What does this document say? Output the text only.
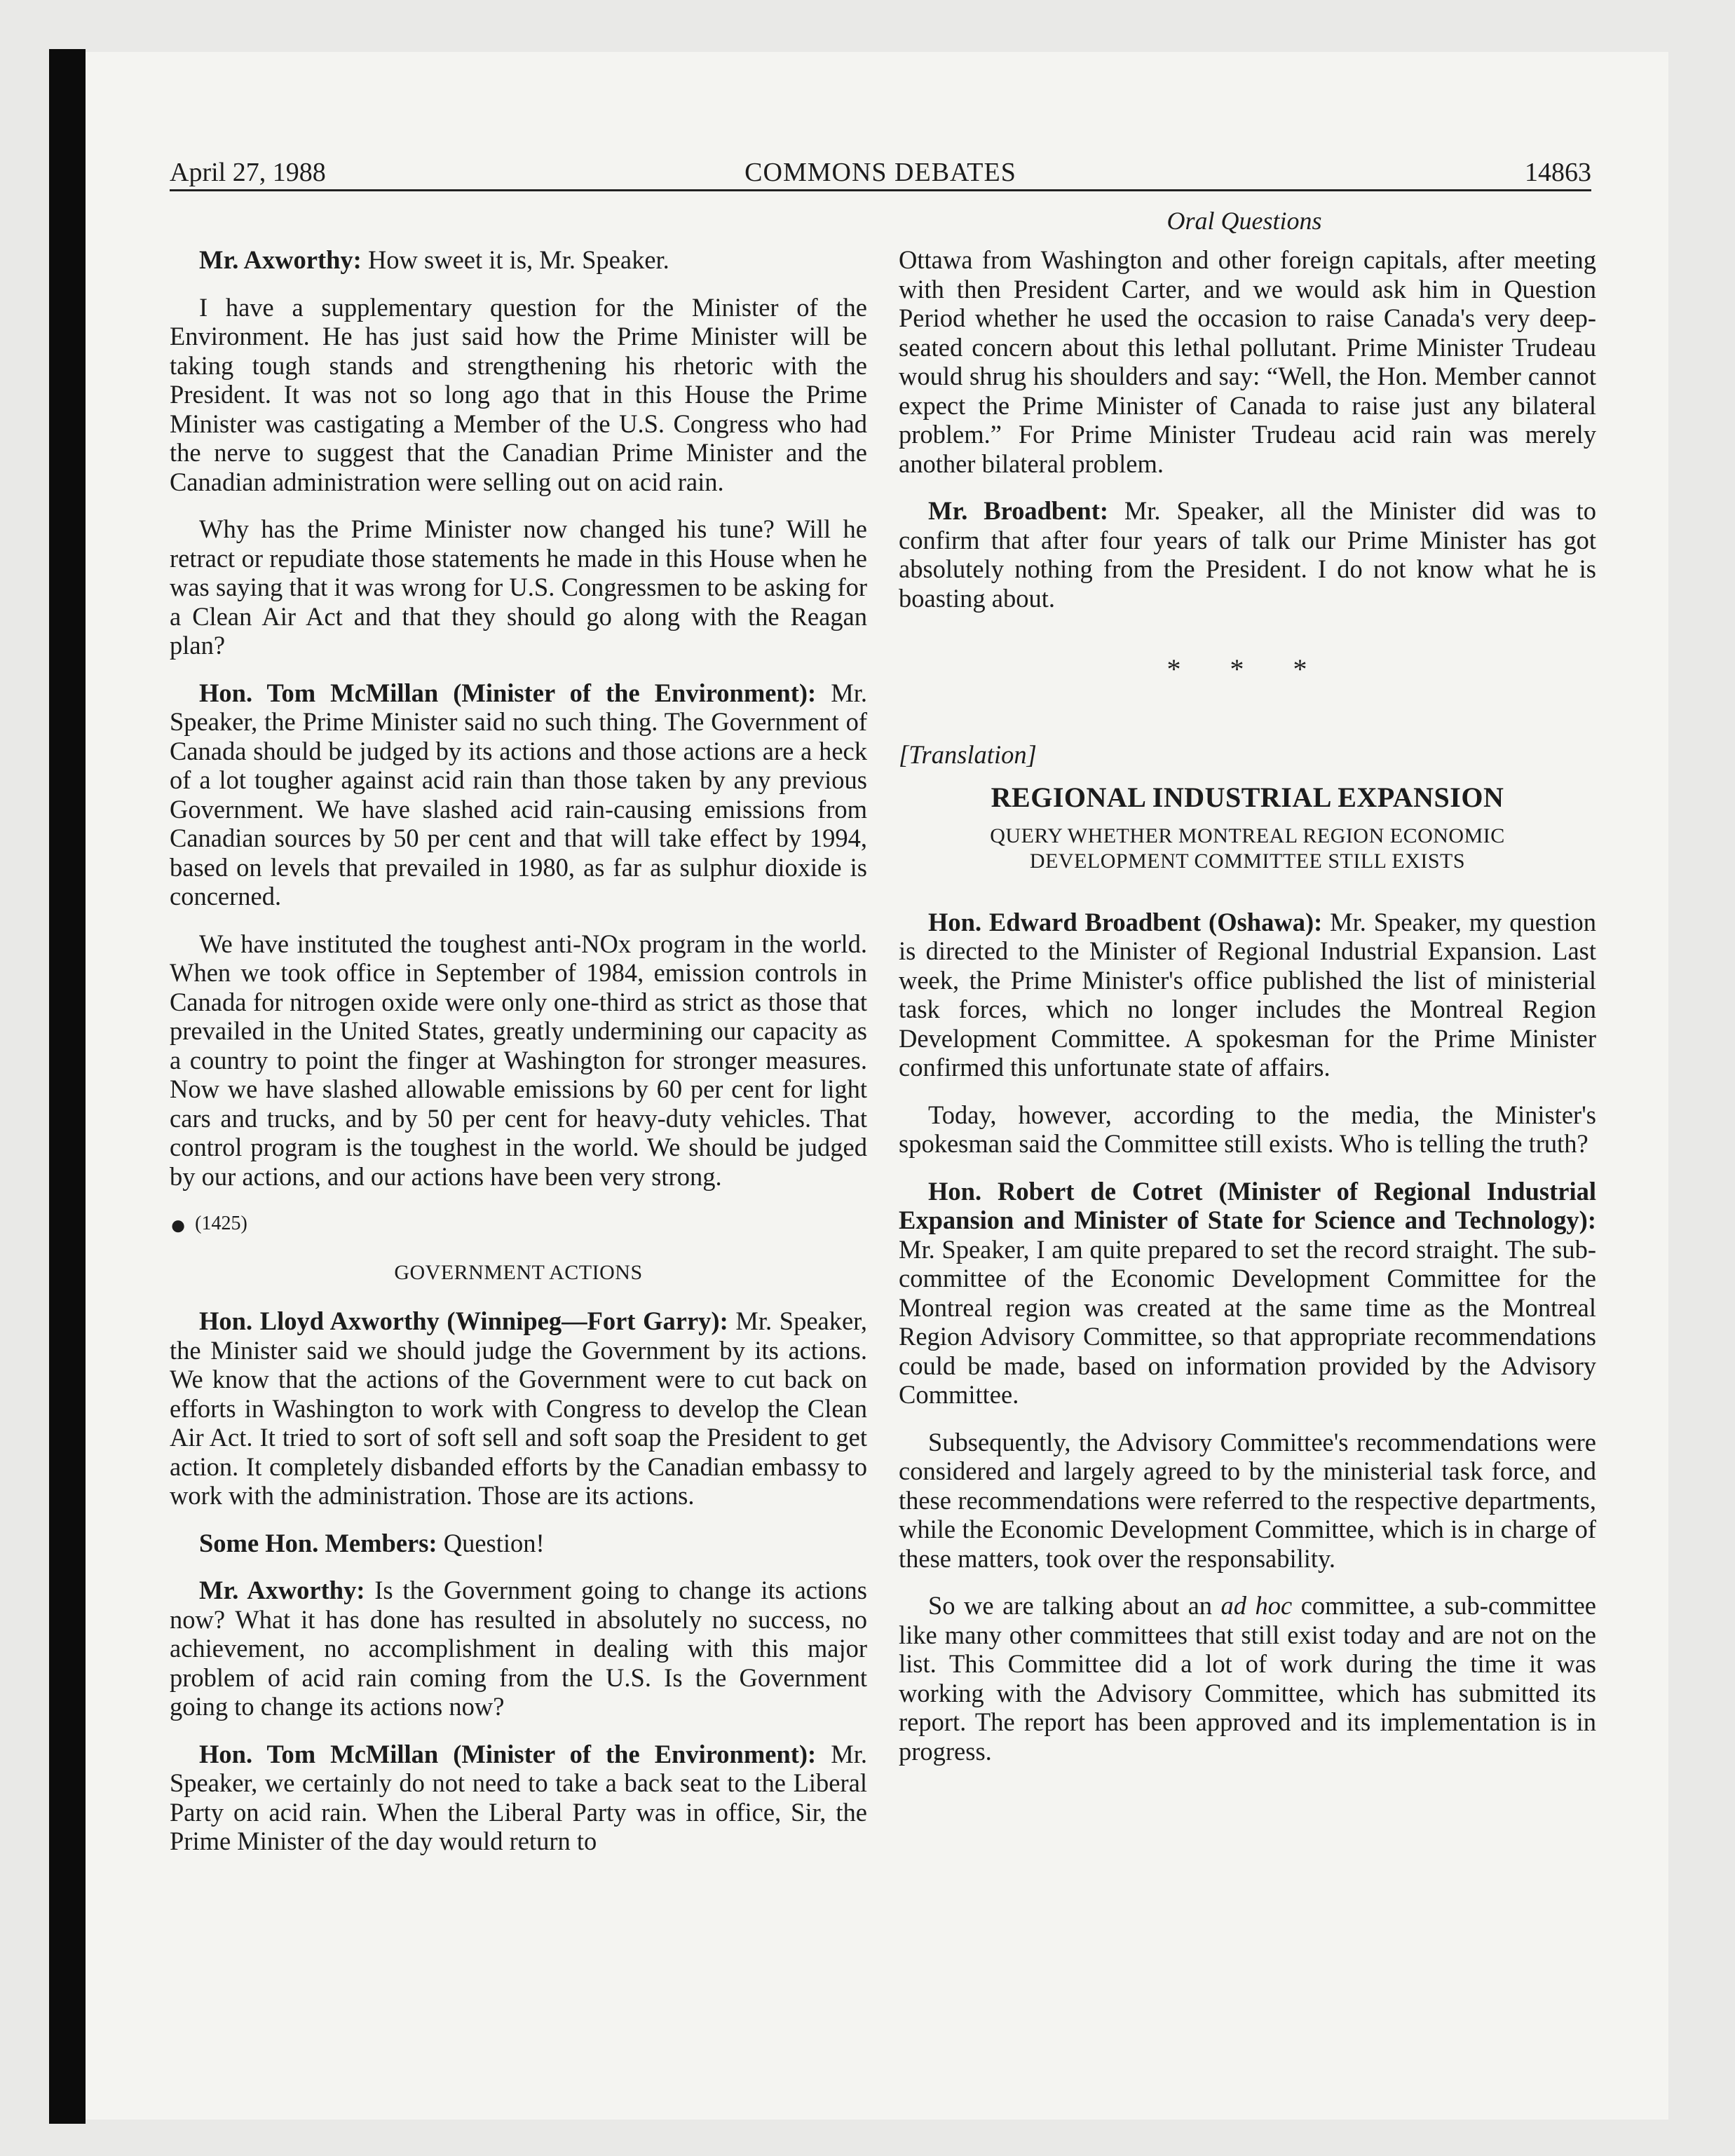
April 27, 1988	COMMONS DEBATES	14863
Oral Questions

Mr. Axworthy: How sweet it is, Mr. Speaker.

I have a supplementary question for the Minister of the Environment. He has just said how the Prime Minister will be taking tough stands and strengthening his rhetoric with the President. It was not so long ago that in this House the Prime Minister was castigating a Member of the U.S. Congress who had the nerve to suggest that the Canadian Prime Minister and the Canadian administration were selling out on acid rain.

Why has the Prime Minister now changed his tune? Will he retract or repudiate those statements he made in this House when he was saying that it was wrong for U.S. Congressmen to be asking for a Clean Air Act and that they should go along with the Reagan plan?

Hon. Tom McMillan (Minister of the Environment): Mr. Speaker, the Prime Minister said no such thing. The Government of Canada should be judged by its actions and those actions are a heck of a lot tougher against acid rain than those taken by any previous Government. We have slashed acid rain-causing emissions from Canadian sources by 50 per cent and that will take effect by 1994, based on levels that prevailed in 1980, as far as sulphur dioxide is concerned.

We have instituted the toughest anti-NOx program in the world. When we took office in September of 1984, emission controls in Canada for nitrogen oxide were only one-third as strict as those that prevailed in the United States, greatly undermining our capacity as a country to point the finger at Washington for stronger measures. Now we have slashed allowable emissions by 60 per cent for light cars and trucks, and by 50 per cent for heavy-duty vehicles. That control program is the toughest in the world. We should be judged by our actions, and our actions have been very strong.

● (1425)

GOVERNMENT ACTIONS

Hon. Lloyd Axworthy (Winnipeg—Fort Garry): Mr. Speaker, the Minister said we should judge the Government by its actions. We know that the actions of the Government were to cut back on efforts in Washington to work with Congress to develop the Clean Air Act. It tried to sort of soft sell and soft soap the President to get action. It completely disbanded efforts by the Canadian embassy to work with the administration. Those are its actions.

Some Hon. Members: Question!

Mr. Axworthy: Is the Government going to change its actions now? What it has done has resulted in absolutely no success, no achievement, no accomplishment in dealing with this major problem of acid rain coming from the U.S. Is the Government going to change its actions now?

Hon. Tom McMillan (Minister of the Environment): Mr. Speaker, we certainly do not need to take a back seat to the Liberal Party on acid rain. When the Liberal Party was in office, Sir, the Prime Minister of the day would return to

Ottawa from Washington and other foreign capitals, after meeting with then President Carter, and we would ask him in Question Period whether he used the occasion to raise Canada's very deep-seated concern about this lethal pollutant. Prime Minister Trudeau would shrug his shoulders and say: “Well, the Hon. Member cannot expect the Prime Minister of Canada to raise just any bilateral problem.” For Prime Minister Trudeau acid rain was merely another bilateral problem.

Mr. Broadbent: Mr. Speaker, all the Minister did was to confirm that after four years of talk our Prime Minister has got absolutely nothing from the President. I do not know what he is boasting about.

* * *

[Translation]

REGIONAL INDUSTRIAL EXPANSION

QUERY WHETHER MONTREAL REGION ECONOMIC
DEVELOPMENT COMMITTEE STILL EXISTS

Hon. Edward Broadbent (Oshawa): Mr. Speaker, my question is directed to the Minister of Regional Industrial Expansion. Last week, the Prime Minister's office published the list of ministerial task forces, which no longer includes the Montreal Region Development Committee. A spokesman for the Prime Minister confirmed this unfortunate state of affairs.

Today, however, according to the media, the Minister's spokesman said the Committee still exists. Who is telling the truth?

Hon. Robert de Cotret (Minister of Regional Industrial Expansion and Minister of State for Science and Technology): Mr. Speaker, I am quite prepared to set the record straight. The sub-committee of the Economic Development Committee for the Montreal region was created at the same time as the Montreal Region Advisory Committee, so that appropriate recommendations could be made, based on information provided by the Advisory Committee.

Subsequently, the Advisory Committee's recommendations were considered and largely agreed to by the ministerial task force, and these recommendations were referred to the respective departments, while the Economic Development Committee, which is in charge of these matters, took over the responsability.

So we are talking about an ad hoc committee, a sub-committee like many other committees that still exist today and are not on the list. This Committee did a lot of work during the time it was working with the Advisory Committee, which has submitted its report. The report has been approved and its implementation is in progress.
